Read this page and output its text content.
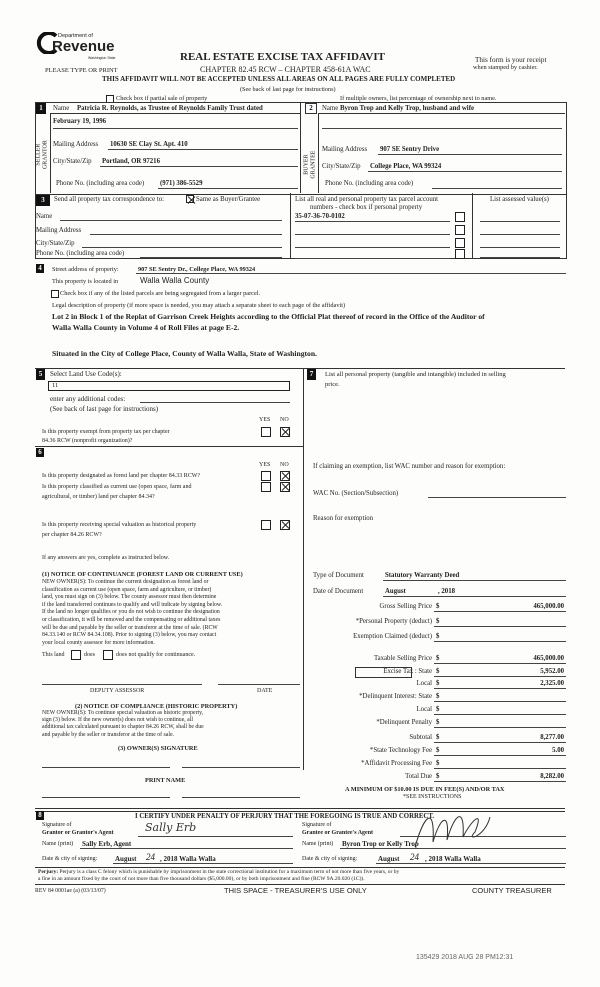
Department of
Revenue
Washington State
PLEASE TYPE OR PRINT
REAL ESTATE EXCISE TAX AFFIDAVIT
CHAPTER 82.45 RCW – CHAPTER 458-61A WAC
THIS AFFIDAVIT WILL NOT BE ACCEPTED UNLESS ALL AREAS ON ALL PAGES ARE FULLY COMPLETED
(See back of last page for instructions)
This form is your receipt
when stamped by cashier.
Check box if partial sale of property	If multiple owners, list percentage of ownership next to name.
1
SELLER GRANTOR
Name Patricia R. Reynolds, as Trustee of Reynolds Family Trust dated
February 19, 1996
Mailing Address 10630 SE Clay St. Apt. 410
City/State/Zip Portland, OR 97216
Phone No. (including area code) (971) 386-5529
2
BUYER GRANTEE
Name Byron Trop and Kelly Trop, husband and wife
Mailing Address 907 SE Sentry Drive
City/State/Zip College Place, WA 99324
Phone No. (including area code)
3	Send all property tax correspondence to:	Same as Buyer/Grantee
Name
Mailing Address
City/State/Zip
Phone No. (including area code)
List all real and personal property tax parcel account
numbers - check box if personal property
35-07-36-70-0102
List assessed value(s)
4	Street address of property:	907 SE Sentry Dr., College Place, WA 99324
This property is located in	Walla Walla County
Check box if any of the listed parcels are being segregated from a larger parcel.
Legal description of property (if more space is needed, you may attach a separate sheet to each page of the affidavit)
Lot 2 in Block 1 of the Replat of Garrison Creek Heights according to the Official Plat thereof of record in the Office of the Auditor of
Walla Walla County in Volume 4 of Roll Files at page E-2.
Situated in the City of College Place, County of Walla Walla, State of Washington.
5	Select Land Use Code(s):
11
enter any additional codes:
(See back of last page for instructions)
YES NO
Is this property exempt from property tax per chapter
84.36 RCW (nonprofit organization)?
6
YES NO
Is this property designated as forest land per chapter 84.33 RCW?
Is this property classified as current use (open space, farm and
agricultural, or timber) land per chapter 84.34?
Is this property receiving special valuation as historical property
per chapter 84.26 RCW?
If any answers are yes, complete as instructed below.
(1) NOTICE OF CONTINUANCE (FOREST LAND OR CURRENT USE)
NEW OWNER(S): To continue the current designation as forest land or
classification as current use (open space, farm and agriculture, or timber)
land, you must sign on (3) below. The county assessor must then determine
if the land transferred continues to qualify and will indicate by signing below.
If the land no longer qualifies or you do not wish to continue the designation
or classification, it will be removed and the compensating or additional taxes
will be due and payable by the seller or transferor at the time of sale. (RCW
84.33.140 or RCW 84.34.108). Prior to signing (3) below, you may contact
your local county assessor for more information.
This land	does	does not qualify for continuance.
DEPUTY ASSESSOR	DATE
(2) NOTICE OF COMPLIANCE (HISTORIC PROPERTY)
NEW OWNER(S): To continue special valuation as historic property,
sign (3) below. If the new owner(s) does not wish to continue, all
additional tax calculated pursuant to chapter 84.26 RCW, shall be due
and payable by the seller or transferor at the time of sale.
(3) OWNER(S) SIGNATURE
PRINT NAME
7	List all personal property (tangible and intangible) included in selling
price.
If claiming an exemption, list WAC number and reason for exemption:
WAC No. (Section/Subsection)
Reason for exemption
Type of Document	Statutory Warranty Deed
Date of Document	August	, 2018
Gross Selling Price $	465,000.00
*Personal Property (deduct) $
Exemption Claimed (deduct) $
Taxable Selling Price $	465,000.00
Excise Tax : State $	5,952.00
Local $	2,325.00
*Delinquent Interest: State $
Local $
*Delinquent Penalty $
Subtotal $	8,277.00
*State Technology Fee $	5.00
*Affidavit Processing Fee $
Total Due $	8,282.00
A MINIMUM OF $10.00 IS DUE IN FEE(S) AND/OR TAX
*SEE INSTRUCTIONS
8	I CERTIFY UNDER PENALTY OF PERJURY THAT THE FOREGOING IS TRUE AND CORRECT.
Signature of
Grantor or Grantor's Agent	Sally Erb
Name (print) Sally Erb, Agent
Date & city of signing:	August 24 , 2018 Walla Walla
Signature of
Grantee or Grantee's Agent
Name (print) Byron Trop or Kelly Trop
Date & city of signing:	August 24 , 2018 Walla Walla
Perjury: Perjury is a class C felony which is punishable by imprisonment in the state correctional institution for a maximum term of not more than five years, or by
a fine in an amount fixed by the court of not more than five thousand dollars ($5,000.00), or by both imprisonment and fine (RCW 9A.20.020 (1C)).
REV 84 0001ae (a) (03/13/07)	THIS SPACE - TREASURER'S USE ONLY	COUNTY TREASURER
135429 2018 AUG 28 PM12:31
